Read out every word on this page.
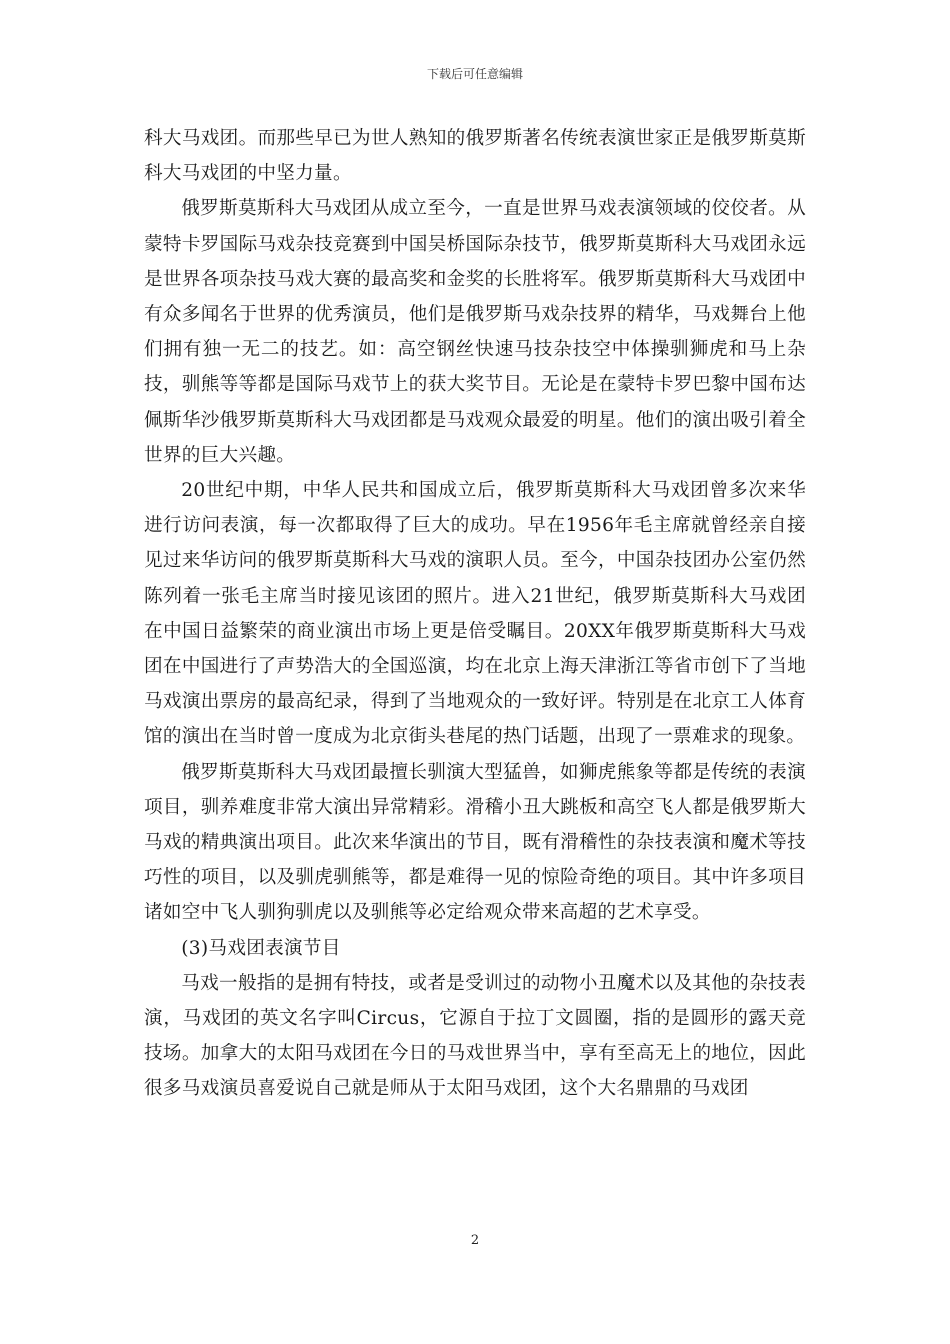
下载后可任意编辑

科大马戏团。而那些早已为世人熟知的俄罗斯著名传统表演世家正是俄罗斯莫斯科大马戏团的中坚力量。

俄罗斯莫斯科大马戏团从成立至今，一直是世界马戏表演领域的佼佼者。从蒙特卡罗国际马戏杂技竞赛到中国吴桥国际杂技节，俄罗斯莫斯科大马戏团永远是世界各项杂技马戏大赛的最高奖和金奖的长胜将军。俄罗斯莫斯科大马戏团中有众多闻名于世界的优秀演员，他们是俄罗斯马戏杂技界的精华，马戏舞台上他们拥有独一无二的技艺。如：高空钢丝快速马技杂技空中体操驯狮虎和马上杂技，驯熊等等都是国际马戏节上的获大奖节目。无论是在蒙特卡罗巴黎中国布达佩斯华沙俄罗斯莫斯科大马戏团都是马戏观众最爱的明星。他们的演出吸引着全世界的巨大兴趣。

20世纪中期，中华人民共和国成立后，俄罗斯莫斯科大马戏团曾多次来华进行访问表演，每一次都取得了巨大的成功。早在1956年毛主席就曾经亲自接见过来华访问的俄罗斯莫斯科大马戏的演职人员。至今，中国杂技团办公室仍然陈列着一张毛主席当时接见该团的照片。进入21世纪，俄罗斯莫斯科大马戏团在中国日益繁荣的商业演出市场上更是倍受瞩目。20XX年俄罗斯莫斯科大马戏团在中国进行了声势浩大的全国巡演，均在北京上海天津浙江等省市创下了当地马戏演出票房的最高纪录，得到了当地观众的一致好评。特别是在北京工人体育馆的演出在当时曾一度成为北京街头巷尾的热门话题，出现了一票难求的现象。

俄罗斯莫斯科大马戏团最擅长驯演大型猛兽，如狮虎熊象等都是传统的表演项目，驯养难度非常大演出异常精彩。滑稽小丑大跳板和高空飞人都是俄罗斯大马戏的精典演出项目。此次来华演出的节目，既有滑稽性的杂技表演和魔术等技巧性的项目，以及驯虎驯熊等，都是难得一见的惊险奇绝的项目。其中许多项目诸如空中飞人驯狗驯虎以及驯熊等必定给观众带来高超的艺术享受。

(3)马戏团表演节目

马戏一般指的是拥有特技，或者是受训过的动物小丑魔术以及其他的杂技表演，马戏团的英文名字叫Circus，它源自于拉丁文圆圈，指的是圆形的露天竞技场。加拿大的太阳马戏团在今日的马戏世界当中，享有至高无上的地位，因此很多马戏演员喜爱说自己就是师从于太阳马戏团，这个大名鼎鼎的马戏团

2
